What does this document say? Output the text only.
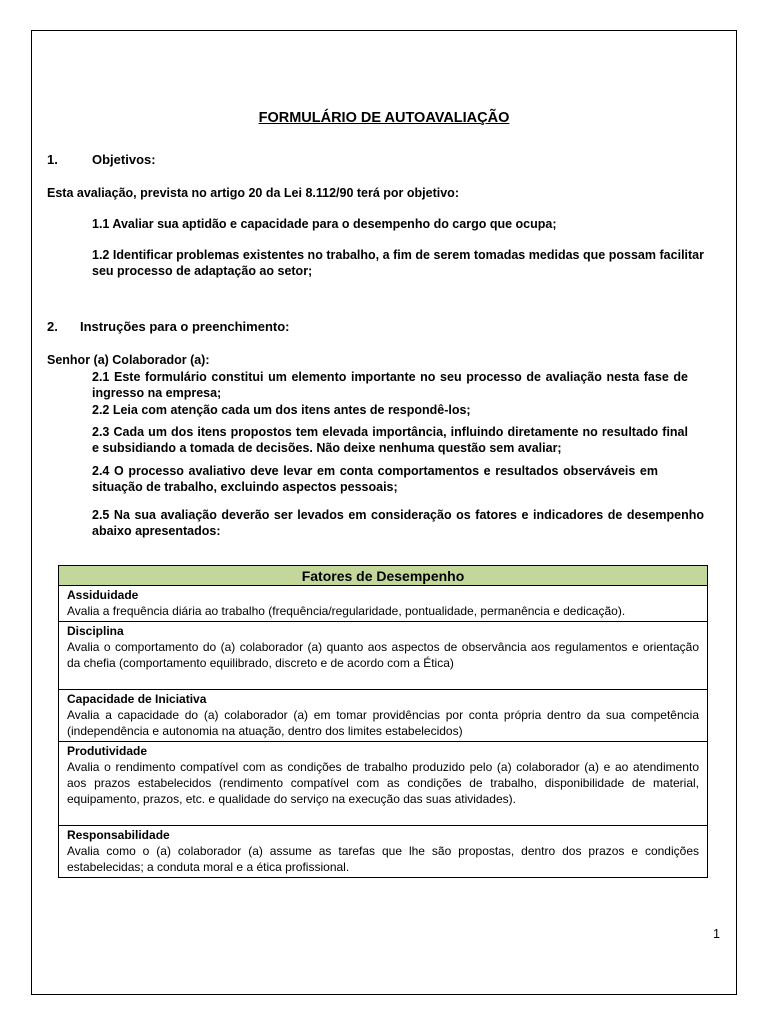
FORMULÁRIO DE AUTOAVALIAÇÃO
1.	Objetivos:
Esta avaliação, prevista no artigo 20 da Lei 8.112/90 terá por objetivo:
1.1 Avaliar sua aptidão e capacidade para o desempenho do cargo que ocupa;
1.2 Identificar problemas existentes no trabalho, a fim de serem tomadas medidas que possam facilitar seu processo de adaptação ao setor;
2. Instruções para o preenchimento:
Senhor (a) Colaborador (a):
2.1 Este formulário constitui um elemento importante no seu processo de avaliação nesta fase de ingresso na empresa;
2.2 Leia com atenção cada um dos itens antes de respondê-los;
2.3 Cada um dos itens propostos tem elevada importância, influindo diretamente no resultado final e subsidiando a tomada de decisões. Não deixe nenhuma questão sem avaliar;
2.4 O processo avaliativo deve levar em conta comportamentos e resultados observáveis em situação de trabalho, excluindo aspectos pessoais;
2.5 Na sua avaliação deverão ser levados em consideração os fatores e indicadores de desempenho abaixo apresentados:
Fatores de Desempenho

Assiduidade
Avalia a frequência diária ao trabalho (frequência/regularidade, pontualidade, permanência e dedicação).

Disciplina
Avalia o comportamento do (a) colaborador (a) quanto aos aspectos de observância aos regulamentos e orientação da chefia (comportamento equilibrado, discreto e de acordo com a Ética)

Capacidade de Iniciativa
Avalia a capacidade do (a) colaborador (a) em tomar providências por conta própria dentro da sua competência (independência e autonomia na atuação, dentro dos limites estabelecidos)

Produtividade
Avalia o rendimento compatível com as condições de trabalho produzido pelo (a) colaborador (a) e ao atendimento aos prazos estabelecidos (rendimento compatível com as condições de trabalho, disponibilidade de material, equipamento, prazos, etc. e qualidade do serviço na execução das suas atividades).

Responsabilidade
Avalia como o (a) colaborador (a) assume as tarefas que lhe são propostas, dentro dos prazos e condições estabelecidas; a conduta moral e a ética profissional.
1
